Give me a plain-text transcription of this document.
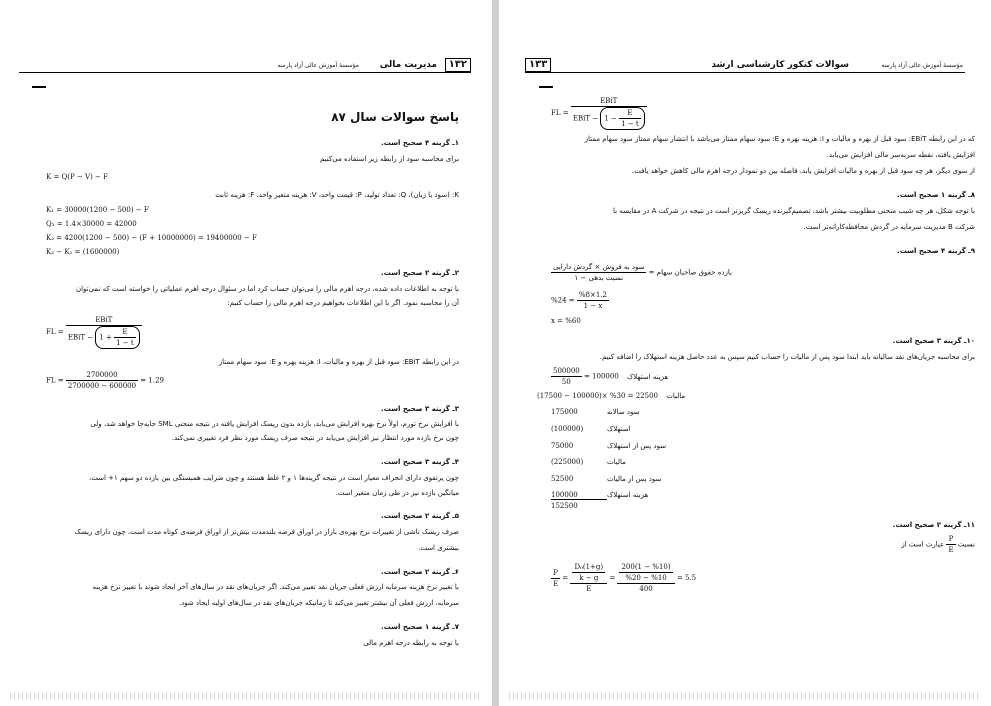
۱۳۲
مدیریت مالی
مؤسسهٔ آموزش عالی آزاد پارسه
پاسخ سوالات سال ۸۷
۱ـ گزینه ۴ صحیح است.
برای محاسبه سود از رابطه زیر استفاده می‌کنیم
K = Q(P − V) − F
K: (سود یا زیان)، Q: تعداد تولید، P: قیمت واحد، V: هزینه متغیر واحد، F: هزینه ثابت
K₁ = 30000(1200 − 500) − F
Q₂ = 1.4×30000 = 42000
K₂ = 4200(1200 − 500) − (F + 10000000) = 19400000 − F
K₂ − K₁ = (1600000)
۲ـ گزینه ۲ صحیح است.
با توجه به اطلاعات داده شده، درجه اهرم مالی را می‌توان حساب کرد اما در سئوال درجه اهرم عملیاتی را خواسته است که نمی‌توان
آن را محاسبه نمود. اگر با این اطلاعات بخواهیم درجه اهرم مالی را حساب کنیم:
FL = $\frac{\text{EBiT}}{EBiT - 1 + \frac{E}{1 - t}}$
در این رابطه EBiT: سود قبل از بهره و مالیات، I: هزینه بهره و E: سود سهام ممتاز
FL = $\frac{2700000}{2700000 - 600000} = 1.29$
۳ـ گزینه ۳ صحیح است.
با افزایش نرخ تورم، اولاً نرخ بهره افزایش می‌یابد، بازده بدون ریسک افزایش یافته در نتیجه منحنی SML جابه‌جا خواهد شد، ولی
چون نرخ بازده مورد انتظار نیز افزایش می‌یابد در نتیجه صرف ریسک مورد نظر فرد تغییری نمی‌کند.
۴ـ گزینه ۳ صحیح است.
چون پرتفوی دارای انحراف معیار است در نتیجه گزینه‌ها ۱ و ۲ غلط هستند و چون ضرایب همبستگی بین بازده دو سهم ۱+ است،
میانگین بازده نیز در طی زمان متغیر است.
۵ـ گزینه ۲ صحیح است.
صرف ریسک ناشی از تغییرات نرخ بهره‌ی بازار در اوراق قرضه بلندمدت بیش‌تر از اوراق قرضه‌ی کوتاه مدت است، چون دارای ریسک
بیشتری است.
۶ـ گزینه ۲ صحیح است.
با تغییر نرخ هزینه سرمایه ارزش فعلی جریان نقد تغییر می‌کند. اگر جریان‌های نقد در سال‌های آخر ایجاد شوند با تغییر نرخ هزینه
سرمایه، ارزش فعلی آن بیشتر تغییر می‌کند تا زمانیکه جریان‌های نقد در سال‌های اولیه ایجاد شود.
۷ـ گزینه ۱ صحیح است.
با توجه به رابطه درجه اهرم مالی
۱۳۳	سوالات کنکور کارشناسی ارشد	مؤسسهٔ آموزش عالی آزاد پارسه
FL = $\frac{\text{EBiT}}{EBiT - 1 - \frac{E}{1 - t}}$
که در این رابطه EBiT: سود قبل از بهره و مالیات و I: هزینه بهره و E: سود سهام ممتاز می‌باشد با انتشار سهام ممتاز سود سهام ممتاز
افزایش یافته، نقطه سربه‌سر مالی افزایش می‌یابد.
از سوی دیگر، هر چه سود قبل از بهره و مالیات افزایش یابد، فاصله بین دو نمودار درجه اهرم مالی کاهش خواهد یافت.
۸ـ گزینه ۱ صحیح است.
با توجه شکل، هر چه شیب منحنی مطلوبیت بیشتر باشد، تصمیم‌گیرنده ریسک گریزتر است در نتیجه در شرکت A در مقایسه با
شرکت B مدیریت سرمایه در گردش محافظه‌کارانه‌تر است.
۹ـ گزینه ۴ صحیح است.
بازده حقوق صاحبان سهام =
$\frac{\text{سود به فروش × گردش دارایی}}{\text{نسبت بدهی − ۱}}$
$\%24 = \frac{\%8\times 1.2}{1 - x}$
x = %60
۱۰ـ گزینه ۳ صحیح است.
برای محاسبه جریان‌های نقد سالیانه باید ابتدا سود پس از مالیات را حساب کنیم سپس به عدد حاصل هزینه استهلاک را اضافه کنیم.
$\frac{500000}{50} = 100000$ هزینه استهلاک
(17500 − 100000)× %30 = 22500 مالیات
175000	سود سالانه
(100000)	استهلاک
75000	سود پس از استهلاک
(225000)	مالیات
52500	سود پس از مالیات
100000	هزینه استهلاک
152500
۱۱ـ گزینه ۲ صحیح است.
نسبت
$\frac{P}{E}$
عبارت است از
$\frac{P}{E} = \frac{\frac{\text{D₀(1+g)}}{k - g}}{E} = \frac{\frac{200(1 - \%10)}{\%20 - \%10}}{400} = 5.5$
